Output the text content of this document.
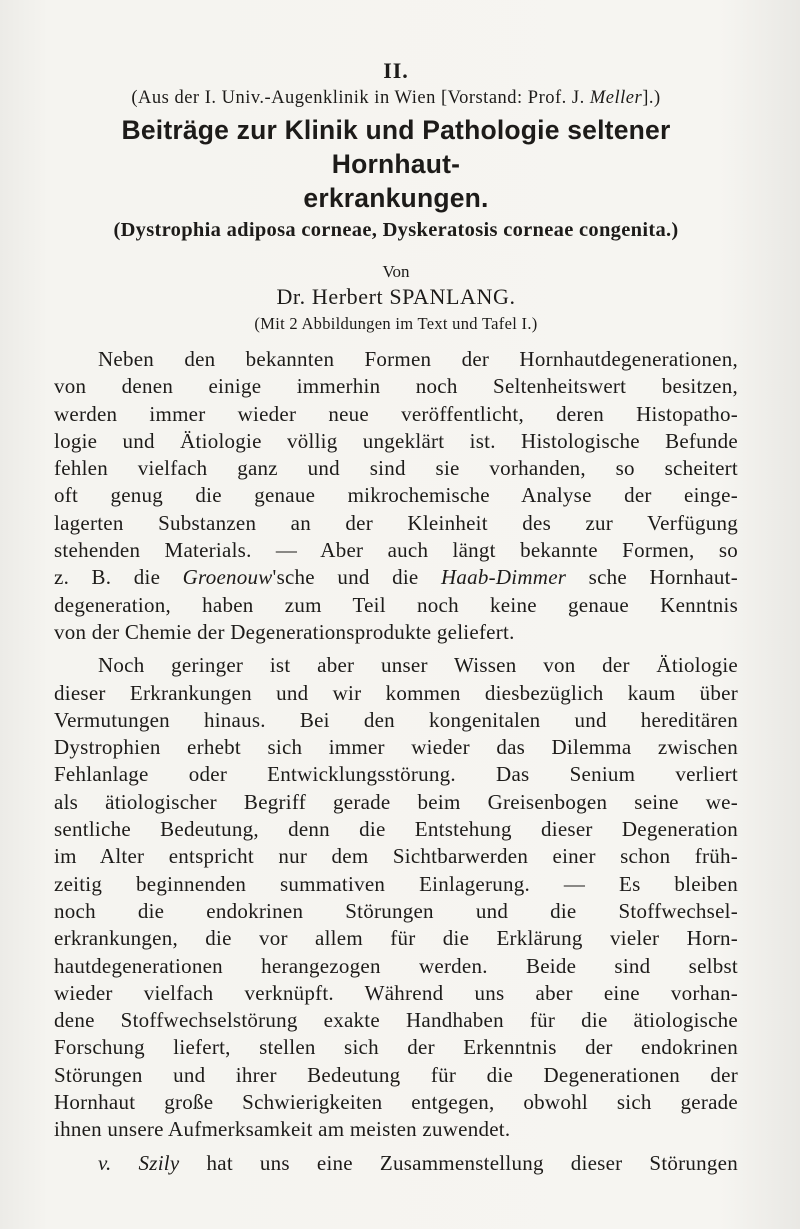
II.
(Aus der I. Univ.-Augenklinik in Wien [Vorstand: Prof. J. Meller].)
Beiträge zur Klinik und Pathologie seltener Hornhaut-
erkrankungen.
(Dystrophia adiposa corneae, Dyskeratosis corneae congenita.)
Von
Dr. Herbert SPANLANG.
(Mit 2 Abbildungen im Text und Tafel I.)
Neben den bekannten Formen der Hornhautdegenerationen,
von denen einige immerhin noch Seltenheitswert besitzen,
werden immer wieder neue veröffentlicht, deren Histopatho-
logie und Ätiologie völlig ungeklärt ist. Histologische Befunde
fehlen vielfach ganz und sind sie vorhanden, so scheitert
oft genug die genaue mikrochemische Analyse der einge-
lagerten Substanzen an der Kleinheit des zur Verfügung
stehenden Materials. — Aber auch längt bekannte Formen, so
z. B. die Groenouw'sche und die Haab-Dimmer sche Hornhaut-
degeneration, haben zum Teil noch keine genaue Kenntnis
von der Chemie der Degenerationsprodukte geliefert.
Noch geringer ist aber unser Wissen von der Ätiologie
dieser Erkrankungen und wir kommen diesbezüglich kaum über
Vermutungen hinaus. Bei den kongenitalen und hereditären
Dystrophien erhebt sich immer wieder das Dilemma zwischen
Fehlanlage oder Entwicklungsstörung. Das Senium verliert
als ätiologischer Begriff gerade beim Greisenbogen seine we-
sentliche Bedeutung, denn die Entstehung dieser Degeneration
im Alter entspricht nur dem Sichtbarwerden einer schon früh-
zeitig beginnenden summativen Einlagerung. — Es bleiben
noch die endokrinen Störungen und die Stoffwechsel-
erkrankungen, die vor allem für die Erklärung vieler Horn-
hautdegenerationen herangezogen werden. Beide sind selbst
wieder vielfach verknüpft. Während uns aber eine vorhan-
dene Stoffwechselstörung exakte Handhaben für die ätiologische
Forschung liefert, stellen sich der Erkenntnis der endokrinen
Störungen und ihrer Bedeutung für die Degenerationen der
Hornhaut große Schwierigkeiten entgegen, obwohl sich gerade
ihnen unsere Aufmerksamkeit am meisten zuwendet.
v. Szily hat uns eine Zusammenstellung dieser Störungen
